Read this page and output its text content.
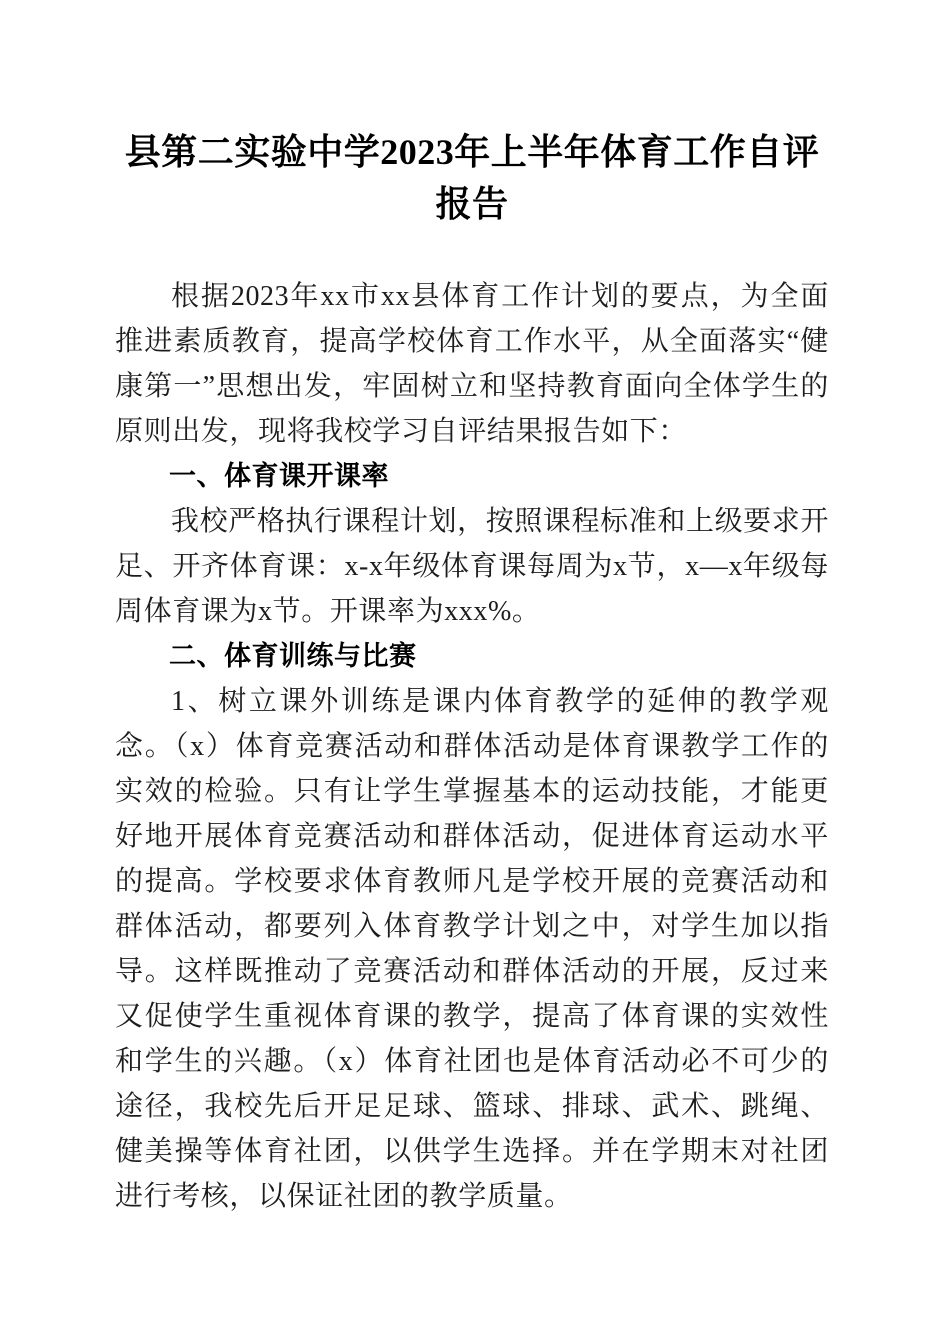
县第二实验中学2023年上半年体育工作自评报告

根据2023年xx市xx县体育工作计划的要点，为全面推进素质教育，提高学校体育工作水平，从全面落实“健康第一”思想出发，牢固树立和坚持教育面向全体学生的原则出发，现将我校学习自评结果报告如下：

一、体育课开课率

我校严格执行课程计划，按照课程标准和上级要求开足、开齐体育课：x-x年级体育课每周为x节，x—x年级每周体育课为x节。开课率为xxx%。

二、体育训练与比赛

1、树立课外训练是课内体育教学的延伸的教学观念。（x）体育竞赛活动和群体活动是体育课教学工作的实效的检验。只有让学生掌握基本的运动技能，才能更好地开展体育竞赛活动和群体活动，促进体育运动水平的提高。学校要求体育教师凡是学校开展的竞赛活动和群体活动，都要列入体育教学计划之中，对学生加以指导。这样既推动了竞赛活动和群体活动的开展，反过来又促使学生重视体育课的教学，提高了体育课的实效性和学生的兴趣。（x）体育社团也是体育活动必不可少的途径，我校先后开足足球、篮球、排球、武术、跳绳、健美操等体育社团，以供学生选择。并在学期末对社团进行考核，以保证社团的教学质量。
